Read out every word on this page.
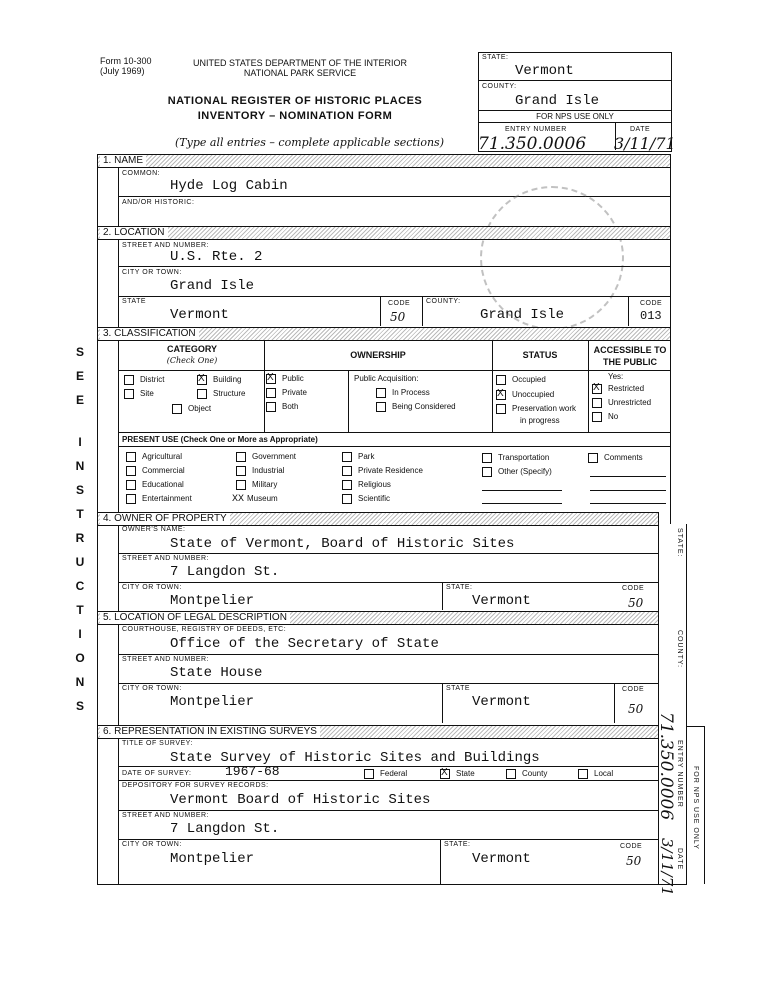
Form 10-300
(July 1969)
UNITED STATES DEPARTMENT OF THE INTERIOR
NATIONAL PARK SERVICE
NATIONAL REGISTER OF HISTORIC PLACES
INVENTORY – NOMINATION FORM
(Type all entries – complete applicable sections)
STATE:
Vermont
COUNTY:
Grand Isle
FOR NPS USE ONLY
ENTRY NUMBER	DATE
71.350.0006 3/11/71
S
E
E
I
N
S
T
R
U
C
T
I
O
N
S
1. NAME
COMMON:
Hyde Log Cabin
AND/OR HISTORIC:
2. LOCATION
STREET AND NUMBER:
U.S. Rte. 2
CITY OR TOWN:
Grand Isle
STATE
Vermont
CODE
50
COUNTY:
Grand Isle
CODE
013
3. CLASSIFICATION
CATEGORY
(Check One)
OWNERSHIP	STATUS	ACCESSIBLE TO THE PUBLIC
District X	Building
Site	Structure
Object
XPublic
Private
Both
Public Acquisition:
In Process
Being Considered
Occupied
XUnoccupied
Preservation work
in progress
Yes:
XRestricted
Unrestricted
No
PRESENT USE (Check One or More as Appropriate)
Agricultural
Commercial
Educational
Entertainment
Government
Industrial
Military
XX Museum
Park
Private Residence
Religious
Scientific
Transportation
Other (Specify)
Comments
4. OWNER OF PROPERTY
STATE:
OWNER'S NAME:
State of Vermont, Board of Historic Sites
STREET AND NUMBER:
7 Langdon St.
CITY OR TOWN:
Montpelier
STATE:
Vermont
CODE
50
5. LOCATION OF LEGAL DESCRIPTION
COUNTY:
COURTHOUSE, REGISTRY OF DEEDS, ETC:
Office of the Secretary of State
STREET AND NUMBER:
State House
CITY OR TOWN:
Montpelier
STATE
Vermont
CODE
50
6. REPRESENTATION IN EXISTING SURVEYS
TITLE OF SURVEY:
State Survey of Historic Sites and Buildings
DATE OF SURVEY:	1967-68	Federal X	State	County	Local
DEPOSITORY FOR SURVEY RECORDS:
Vermont Board of Historic Sites
STREET AND NUMBER:
7 Langdon St.
CITY OR TOWN:
Montpelier
STATE:
Vermont
CODE
50
ENTRY NUMBER
DATE
FOR NPS USE ONLY
71.350.0006
3/11/71
